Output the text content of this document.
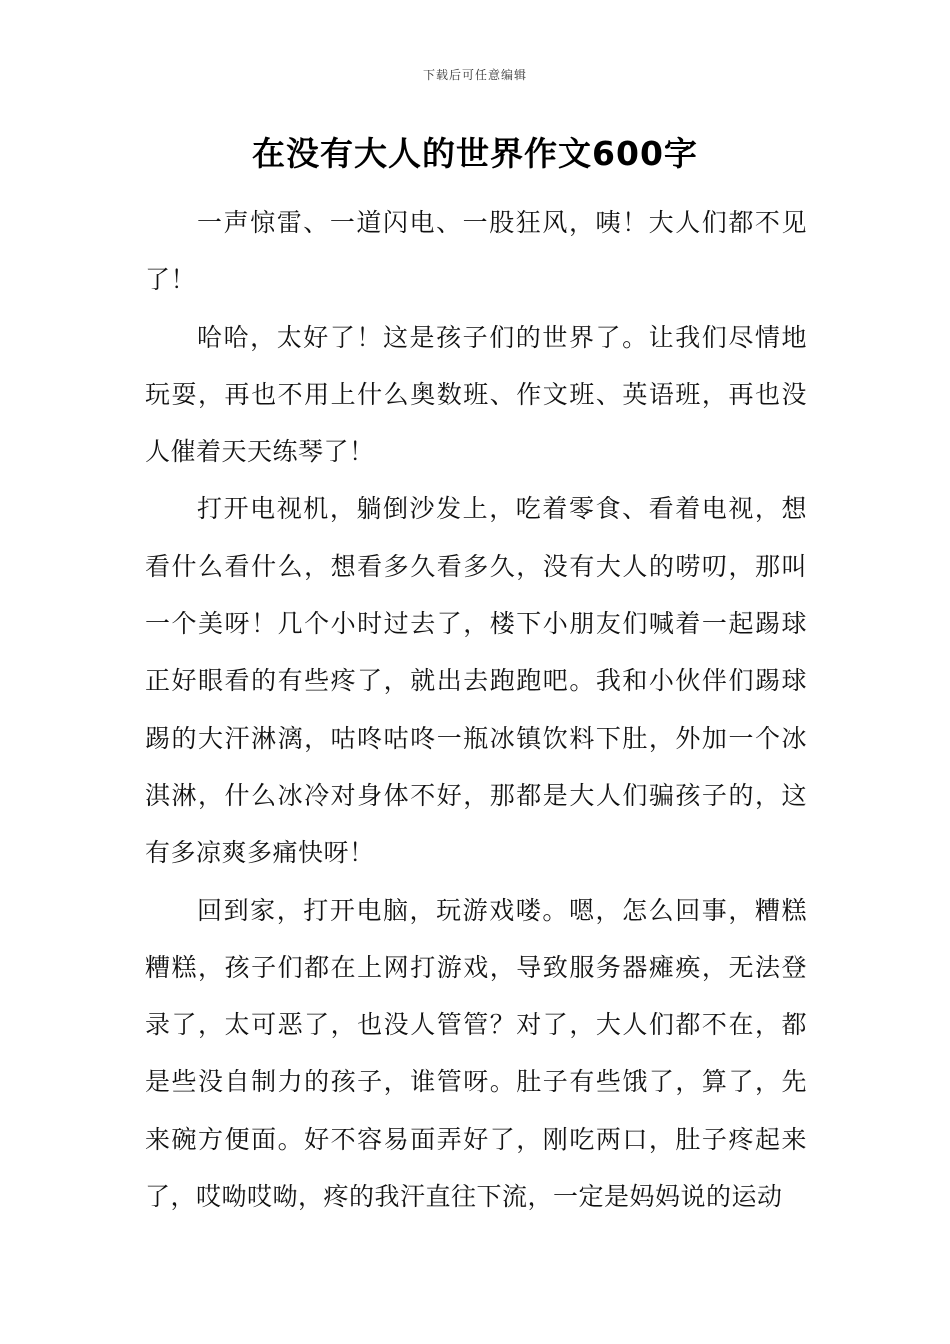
下载后可任意编辑
在没有大人的世界作文600字

一声惊雷、一道闪电、一股狂风，咦！大人们都不见了！

哈哈，太好了！这是孩子们的世界了。让我们尽情地玩耍，再也不用上什么奥数班、作文班、英语班，再也没人催着天天练琴了！

打开电视机，躺倒沙发上，吃着零食、看着电视，想看什么看什么，想看多久看多久，没有大人的唠叨，那叫一个美呀！几个小时过去了，楼下小朋友们喊着一起踢球正好眼看的有些疼了，就出去跑跑吧。我和小伙伴们踢球踢的大汗淋漓，咕咚咕咚一瓶冰镇饮料下肚，外加一个冰淇淋，什么冰冷对身体不好，那都是大人们骗孩子的，这有多凉爽多痛快呀！

回到家，打开电脑，玩游戏喽。嗯，怎么回事，糟糕糟糕，孩子们都在上网打游戏，导致服务器瘫痪，无法登录了，太可恶了，也没人管管？对了，大人们都不在，都是些没自制力的孩子，谁管呀。肚子有些饿了，算了，先来碗方便面。好不容易面弄好了，刚吃两口，肚子疼起来了，哎呦哎呦，疼的我汗直往下流，一定是妈妈说的运动
